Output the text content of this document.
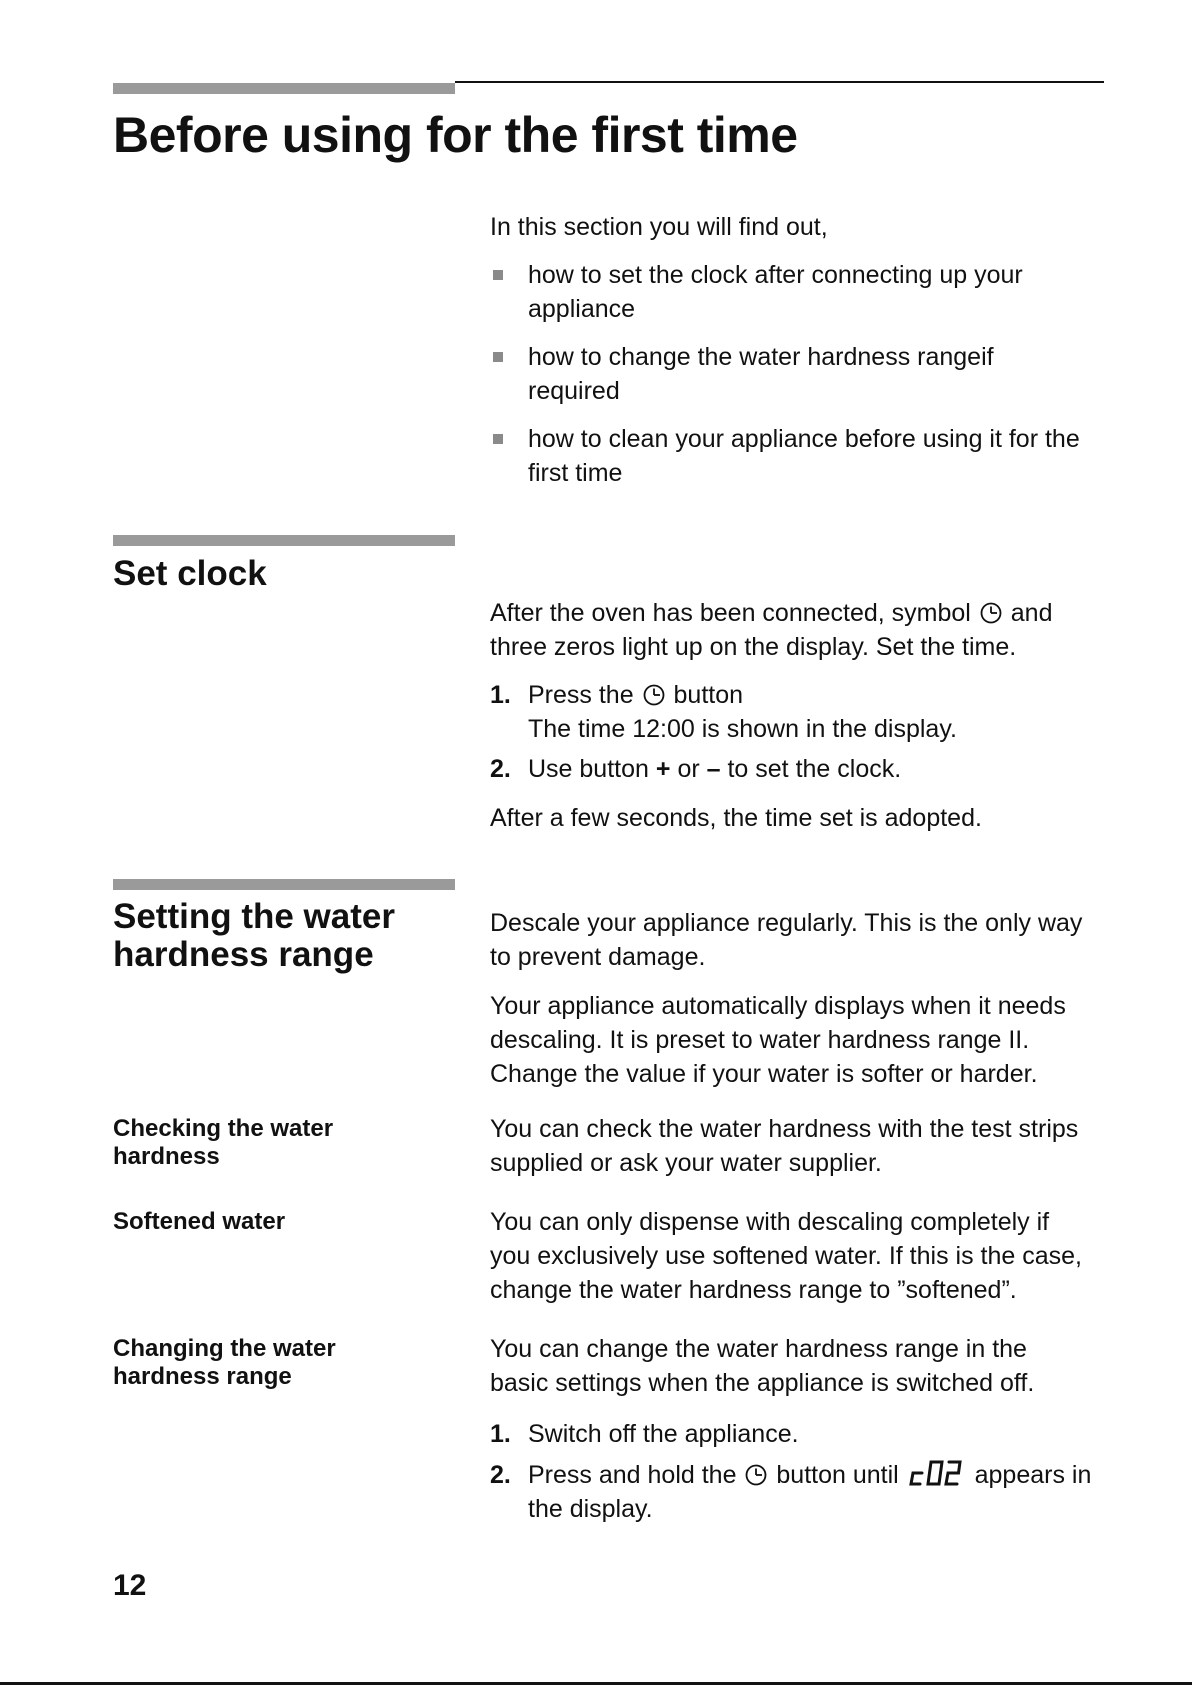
Before using for the first time
In this section you will find out,
how to set the clock after connecting up your
appliance
how to change the water hardness rangeif
required
how to clean your appliance before using it for the
first time
Set clock
After the oven has been connected, symbol and
three zeros light up on the display. Set the time.
1. Press the button
The time 12:00 is shown in the display.
2. Use button + or – to set the clock.
After a few seconds, the time set is adopted.
Setting the water
hardness range
Descale your appliance regularly. This is the only way
to prevent damage.
Your appliance automatically displays when it needs
descaling. It is preset to water hardness range II.
Change the value if your water is softer or harder.
Checking the water
hardness
You can check the water hardness with the test strips
supplied or ask your water supplier.
Softened water	You can only dispense with descaling completely if
you exclusively use softened water. If this is the case,
change the water hardness range to ”softened”.
Changing the water
hardness range
You can change the water hardness range in the
basic settings when the appliance is switched off.
1. Switch off the appliance.
2. Press and hold the button until	appears in
the display.
12
